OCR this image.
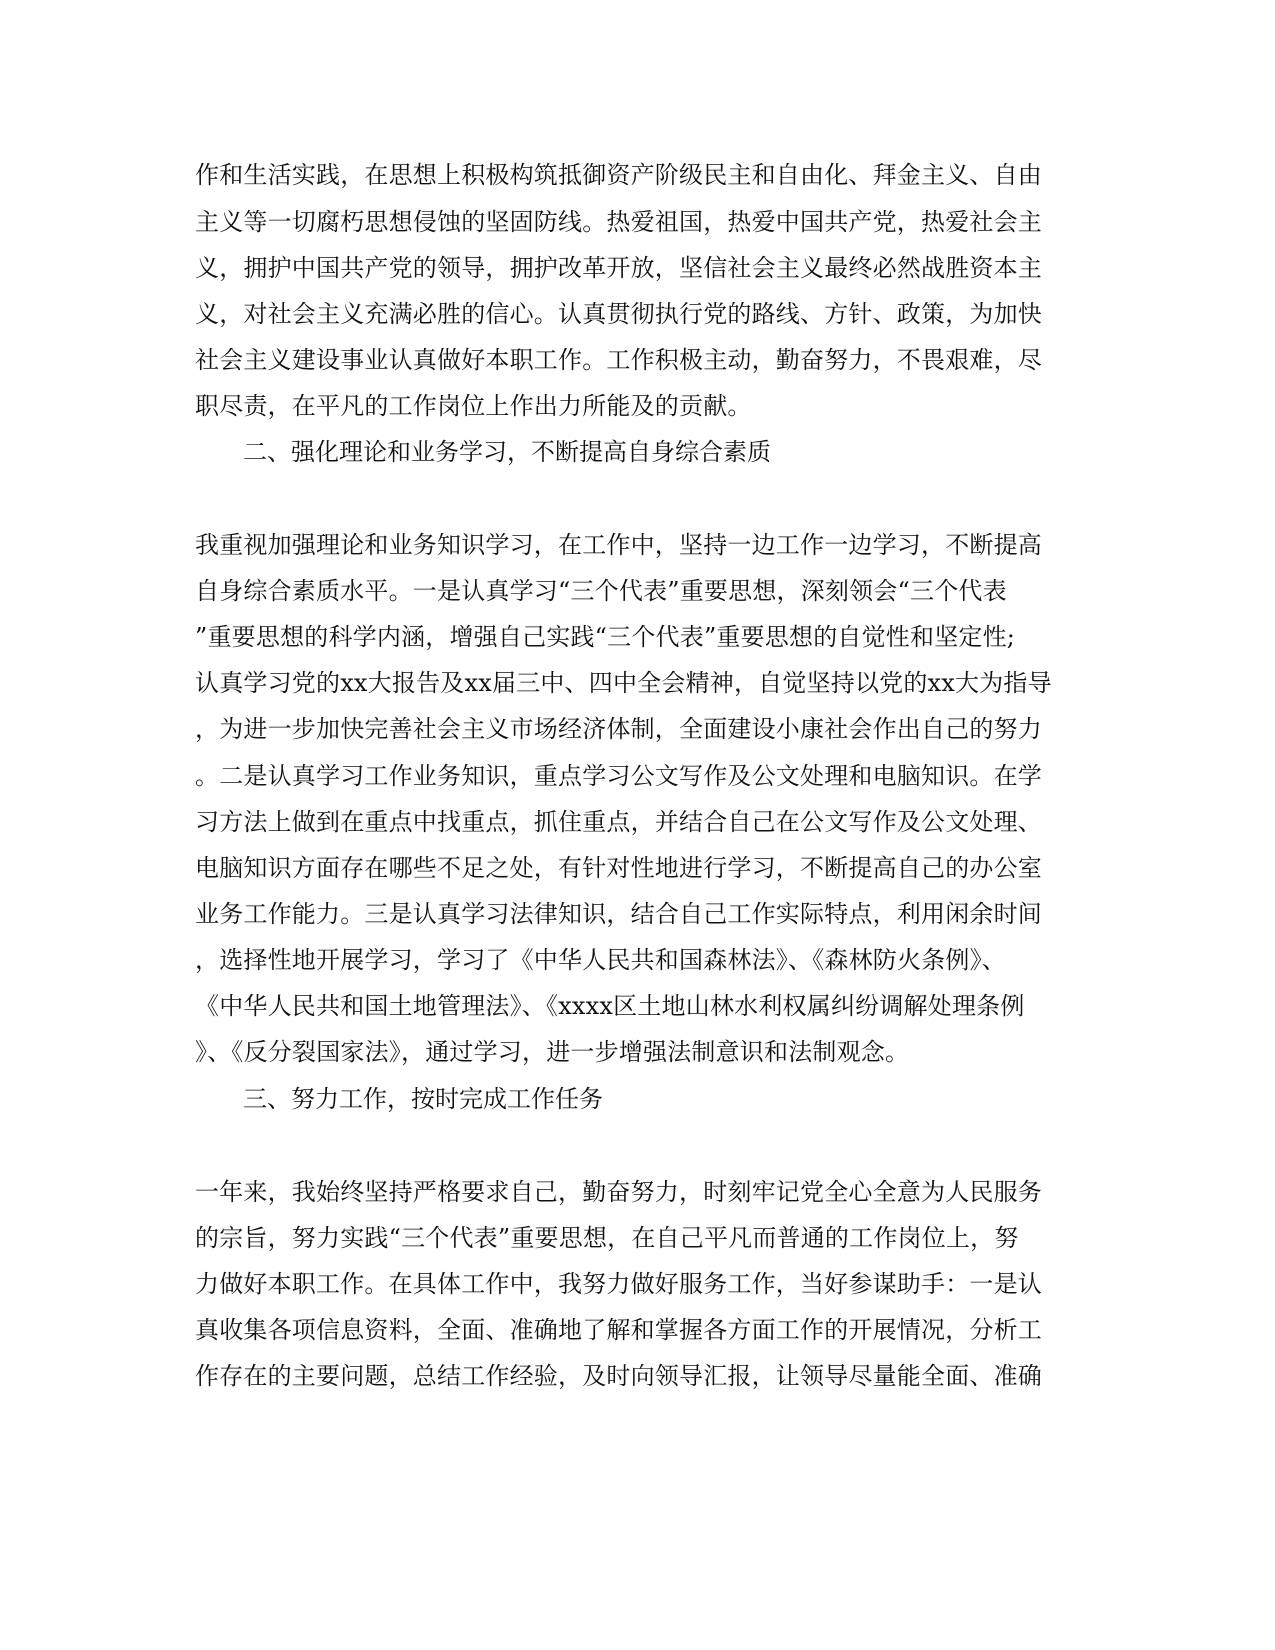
作和生活实践，在思想上积极构筑抵御资产阶级民主和自由化、拜金主义、自由
主义等一切腐朽思想侵蚀的坚固防线。热爱祖国，热爱中国共产党，热爱社会主
义，拥护中国共产党的领导，拥护改革开放，坚信社会主义最终必然战胜资本主
义，对社会主义充满必胜的信心。认真贯彻执行党的路线、方针、政策，为加快
社会主义建设事业认真做好本职工作。工作积极主动，勤奋努力，不畏艰难，尽
职尽责，在平凡的工作岗位上作出力所能及的贡献。
二、强化理论和业务学习，不断提高自身综合素质
我重视加强理论和业务知识学习，在工作中，坚持一边工作一边学习，不断提高
自身综合素质水平。一是认真学习“三个代表”重要思想，深刻领会“三个代表
”重要思想的科学内涵，增强自己实践“三个代表”重要思想的自觉性和坚定性;
认真学习党的xx大报告及xx届三中、四中全会精神，自觉坚持以党的xx大为指导
，为进一步加快完善社会主义市场经济体制，全面建设小康社会作出自己的努力
。二是认真学习工作业务知识，重点学习公文写作及公文处理和电脑知识。在学
习方法上做到在重点中找重点，抓住重点，并结合自己在公文写作及公文处理、
电脑知识方面存在哪些不足之处，有针对性地进行学习，不断提高自己的办公室
业务工作能力。三是认真学习法律知识，结合自己工作实际特点，利用闲余时间
，选择性地开展学习，学习了《中华人民共和国森林法》、《森林防火条例》、
《中华人民共和国土地管理法》、《xxxx区土地山林水利权属纠纷调解处理条例
》、《反分裂国家法》，通过学习，进一步增强法制意识和法制观念。
三、努力工作，按时完成工作任务
一年来，我始终坚持严格要求自己，勤奋努力，时刻牢记党全心全意为人民服务
的宗旨，努力实践“三个代表”重要思想，在自己平凡而普通的工作岗位上，努
力做好本职工作。在具体工作中，我努力做好服务工作，当好参谋助手：一是认
真收集各项信息资料，全面、准确地了解和掌握各方面工作的开展情况，分析工
作存在的主要问题，总结工作经验，及时向领导汇报，让领导尽量能全面、准确
